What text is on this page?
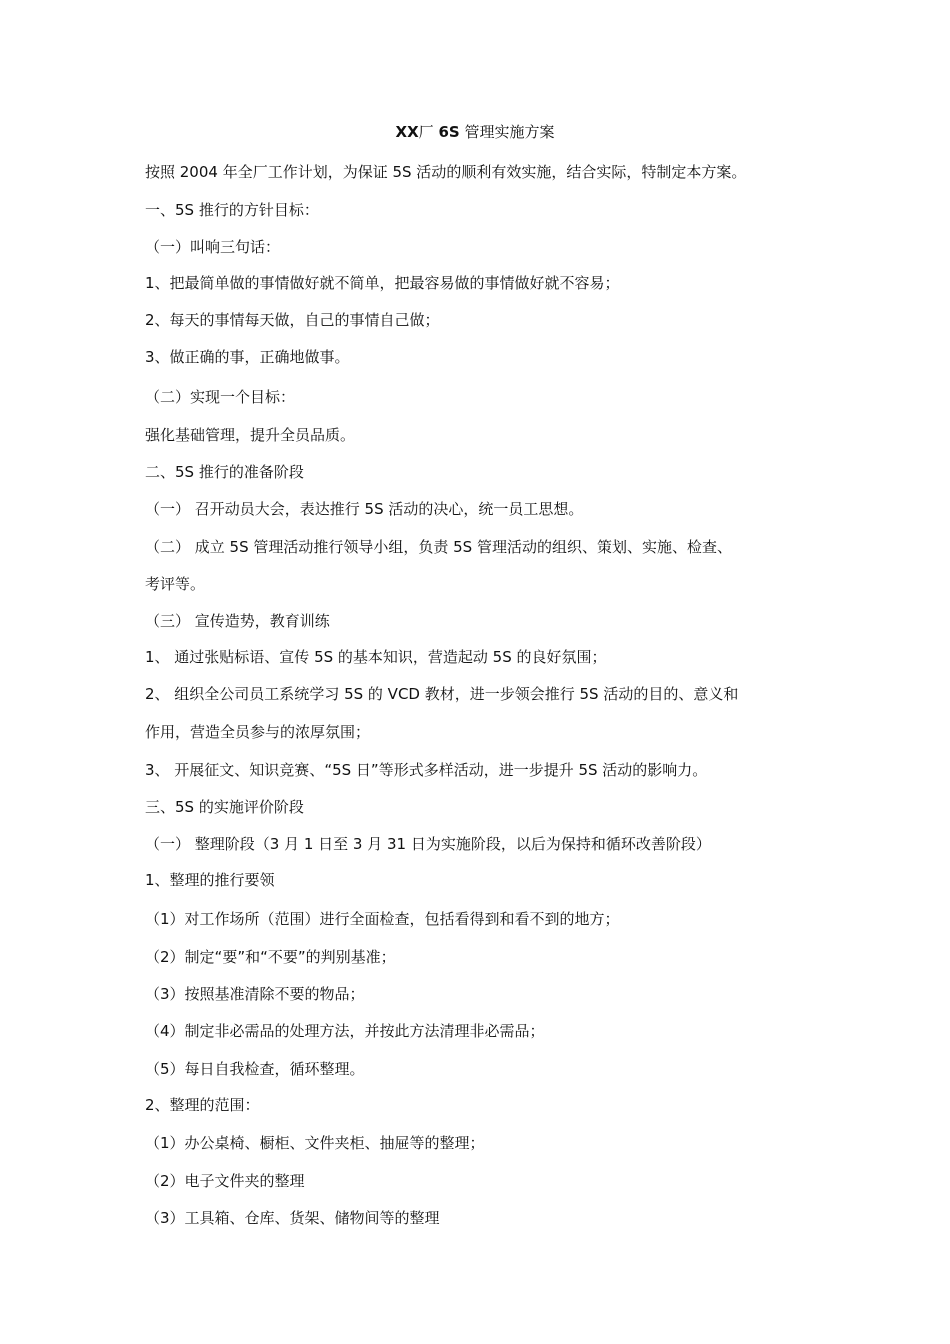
XX厂 6S 管理实施方案
按照 2004 年全厂工作计划，为保证 5S 活动的顺利有效实施，结合实际，特制定本方案。
一、5S 推行的方针目标：
（一）叫响三句话：
1、把最简单做的事情做好就不简单，把最容易做的事情做好就不容易；
2、每天的事情每天做，自己的事情自己做；
3、做正确的事，正确地做事。
（二）实现一个目标：
强化基础管理，提升全员品质。
二、5S 推行的准备阶段
（一） 召开动员大会，表达推行 5S 活动的决心，统一员工思想。
（二） 成立 5S 管理活动推行领导小组，负责 5S 管理活动的组织、策划、实施、检查、
考评等。
（三） 宣传造势，教育训练
1、 通过张贴标语、宣传 5S 的基本知识，营造起动 5S 的良好氛围；
2、 组织全公司员工系统学习 5S 的 VCD 教材，进一步领会推行 5S 活动的目的、意义和
作用，营造全员参与的浓厚氛围；
3、 开展征文、知识竞赛、“5S 日”等形式多样活动，进一步提升 5S 活动的影响力。
三、5S 的实施评价阶段
（一） 整理阶段（3 月 1 日至 3 月 31 日为实施阶段，以后为保持和循环改善阶段）
1、整理的推行要领
（1）对工作场所（范围）进行全面检查，包括看得到和看不到的地方；
（2）制定“要”和“不要”的判别基准；
（3）按照基准清除不要的物品；
（4）制定非必需品的处理方法，并按此方法清理非必需品；
（5）每日自我检查，循环整理。
2、整理的范围：
（1）办公桌椅、橱柜、文件夹柜、抽屉等的整理；
（2）电子文件夹的整理
（3）工具箱、仓库、货架、储物间等的整理
